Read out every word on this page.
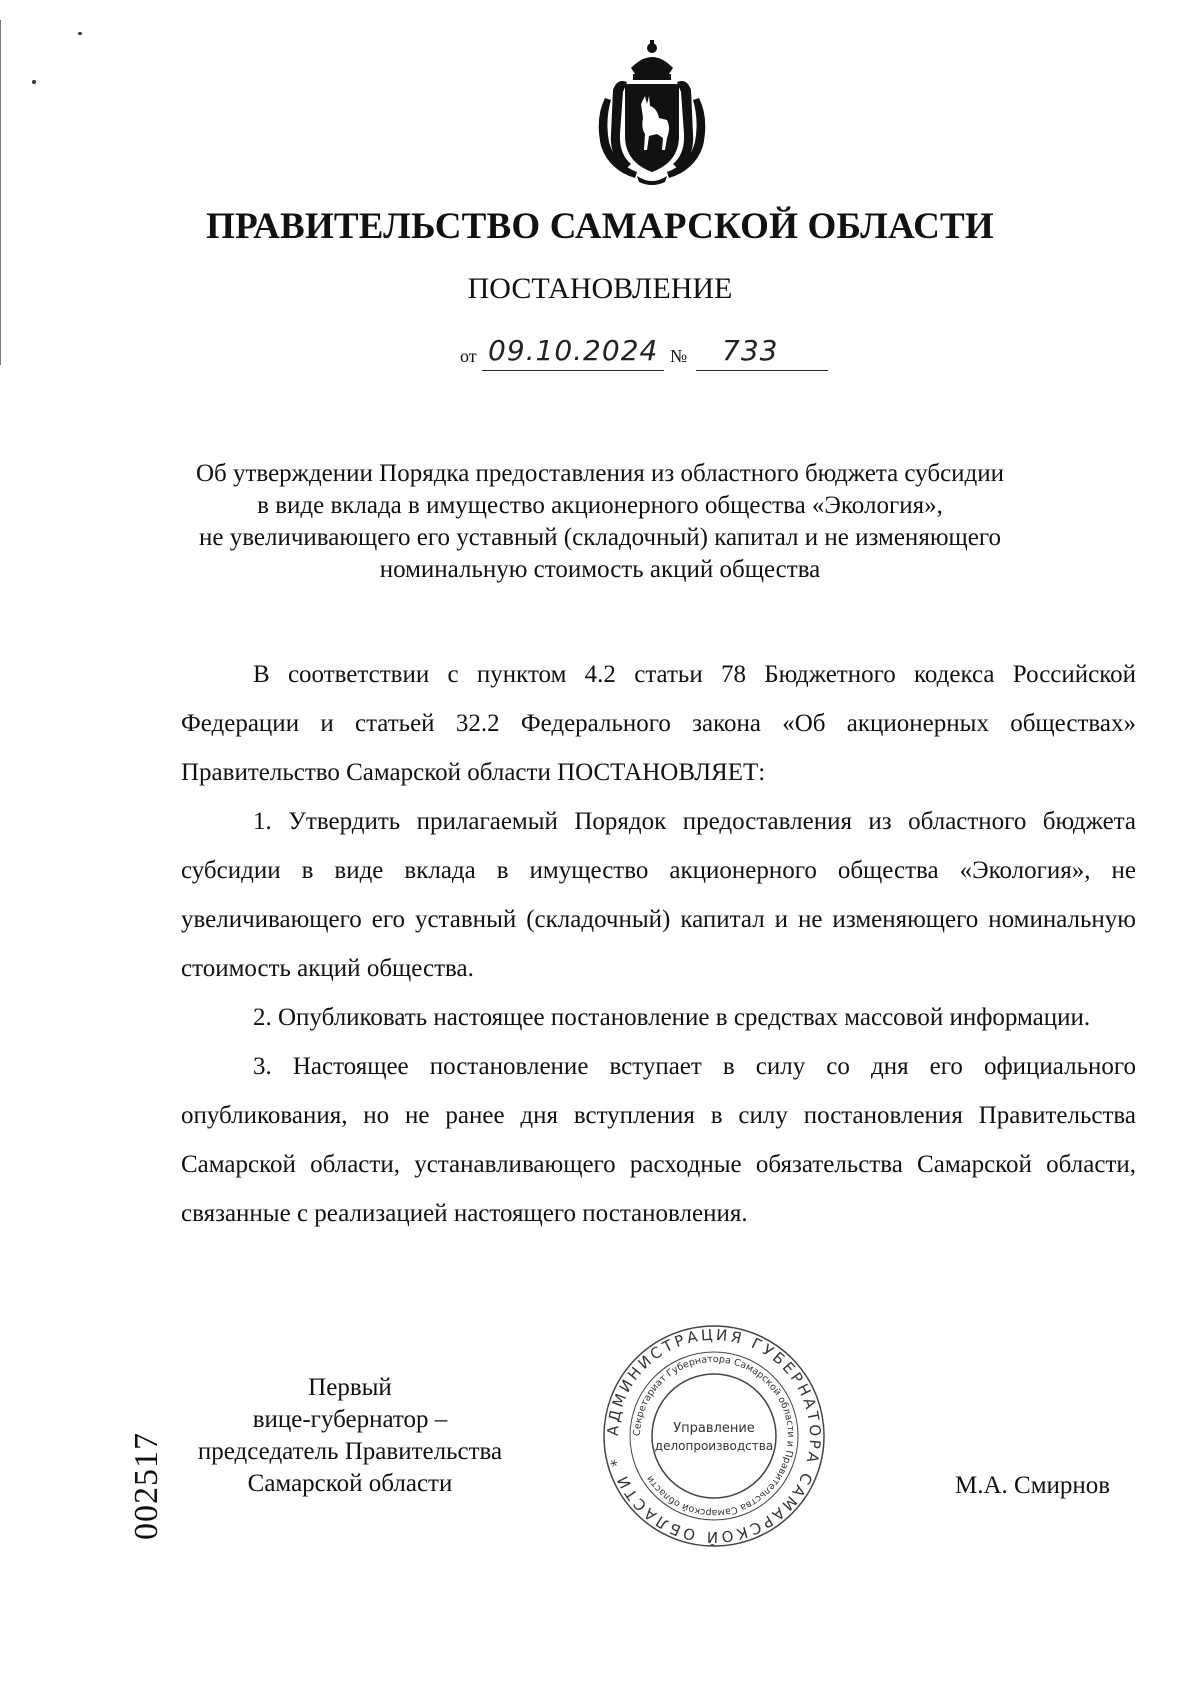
ПРАВИТЕЛЬСТВО САМАРСКОЙ ОБЛАСТИ
ПОСТАНОВЛЕНИЕ
от 09.10.2024 № 733
Об утверждении Порядка предоставления из областного бюджета субсидии
в виде вклада в имущество акционерного общества «Экология»,
не увеличивающего его уставный (складочный) капитал и не изменяющего
номинальную стоимость акций общества

В соответствии с пунктом 4.2 статьи 78 Бюджетного кодекса Российской Федерации и статьей 32.2 Федерального закона «Об акционерных обществах» Правительство Самарской области ПОСТАНОВЛЯЕТ:

1. Утвердить прилагаемый Порядок предоставления из областного бюджета субсидии в виде вклада в имущество акционерного общества «Экология», не увеличивающего его уставный (складочный) капитал и не изменяющего номинальную стоимость акций общества.

2. Опубликовать настоящее постановление в средствах массовой информации.

3. Настоящее постановление вступает в силу со дня его официального опубликования, но не ранее дня вступления в силу постановления Правительства Самарской области, устанавливающего расходные обязательства Самарской области, связанные с реализацией настоящего постановления.

Первый
вице-губернатор –
председатель Правительства
Самарской области
АДМИНИСТРАЦИЯ ГУБЕРНАТОРА САМАРСКОЙ ОБЛАСТИ *
Секретариат Губернатора Самарской области и Правительства Самарской области
Управление
делопроизводства
М.А. Смирнов
002517
